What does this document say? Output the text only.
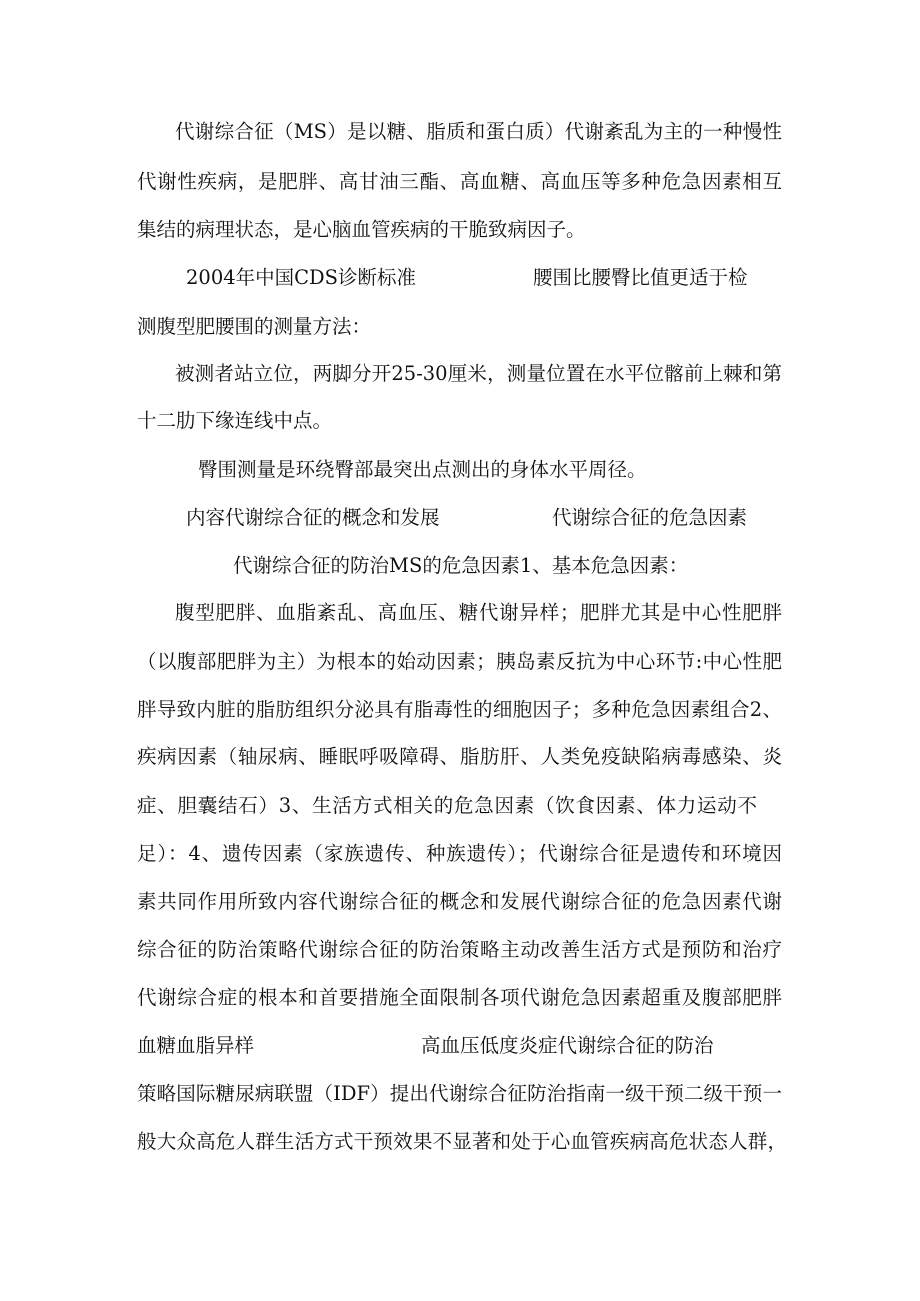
代谢综合征（MS）是以糖、脂质和蛋白质）代谢紊乱为主的一种慢性
代谢性疾病，是肥胖、高甘油三酯、高血糖、高血压等多种危急因素相互
集结的病理状态，是心脑血管疾病的干脆致病因子。
2004年中国CDS诊断标准	腰围比腰臀比值更适于检
测腹型肥腰围的测量方法：
被测者站立位，两脚分开25-30厘米，测量位置在水平位髂前上棘和第
十二肋下缘连线中点。
臀围测量是环绕臀部最突出点测出的身体水平周径。
内容代谢综合征的概念和发展	代谢综合征的危急因素
代谢综合征的防治MS的危急因素1、基本危急因素：
腹型肥胖、血脂紊乱、高血压、糖代谢异样；肥胖尤其是中心性肥胖
（以腹部肥胖为主）为根本的始动因素；胰岛素反抗为中心环节:中心性肥
胖导致内脏的脂肪组织分泌具有脂毒性的细胞因子；多种危急因素组合2、
疾病因素（轴尿病、睡眠呼吸障碍、脂肪肝、人类免疫缺陷病毒感染、炎
症、胆囊结石）3、生活方式相关的危急因素（饮食因素、体力运动不
足）：4、遗传因素（家族遗传、种族遗传）；代谢综合征是遗传和环境因
素共同作用所致内容代谢综合征的概念和发展代谢综合征的危急因素代谢
综合征的防治策略代谢综合征的防治策略主动改善生活方式是预防和治疗
代谢综合症的根本和首要措施全面限制各项代谢危急因素超重及腹部肥胖
血糖血脂异样	高血压低度炎症代谢综合征的防治
策略国际糖尿病联盟（IDF）提出代谢综合征防治指南一级干预二级干预一
般大众高危人群生活方式干预效果不显著和处于心血管疾病高危状态人群，
